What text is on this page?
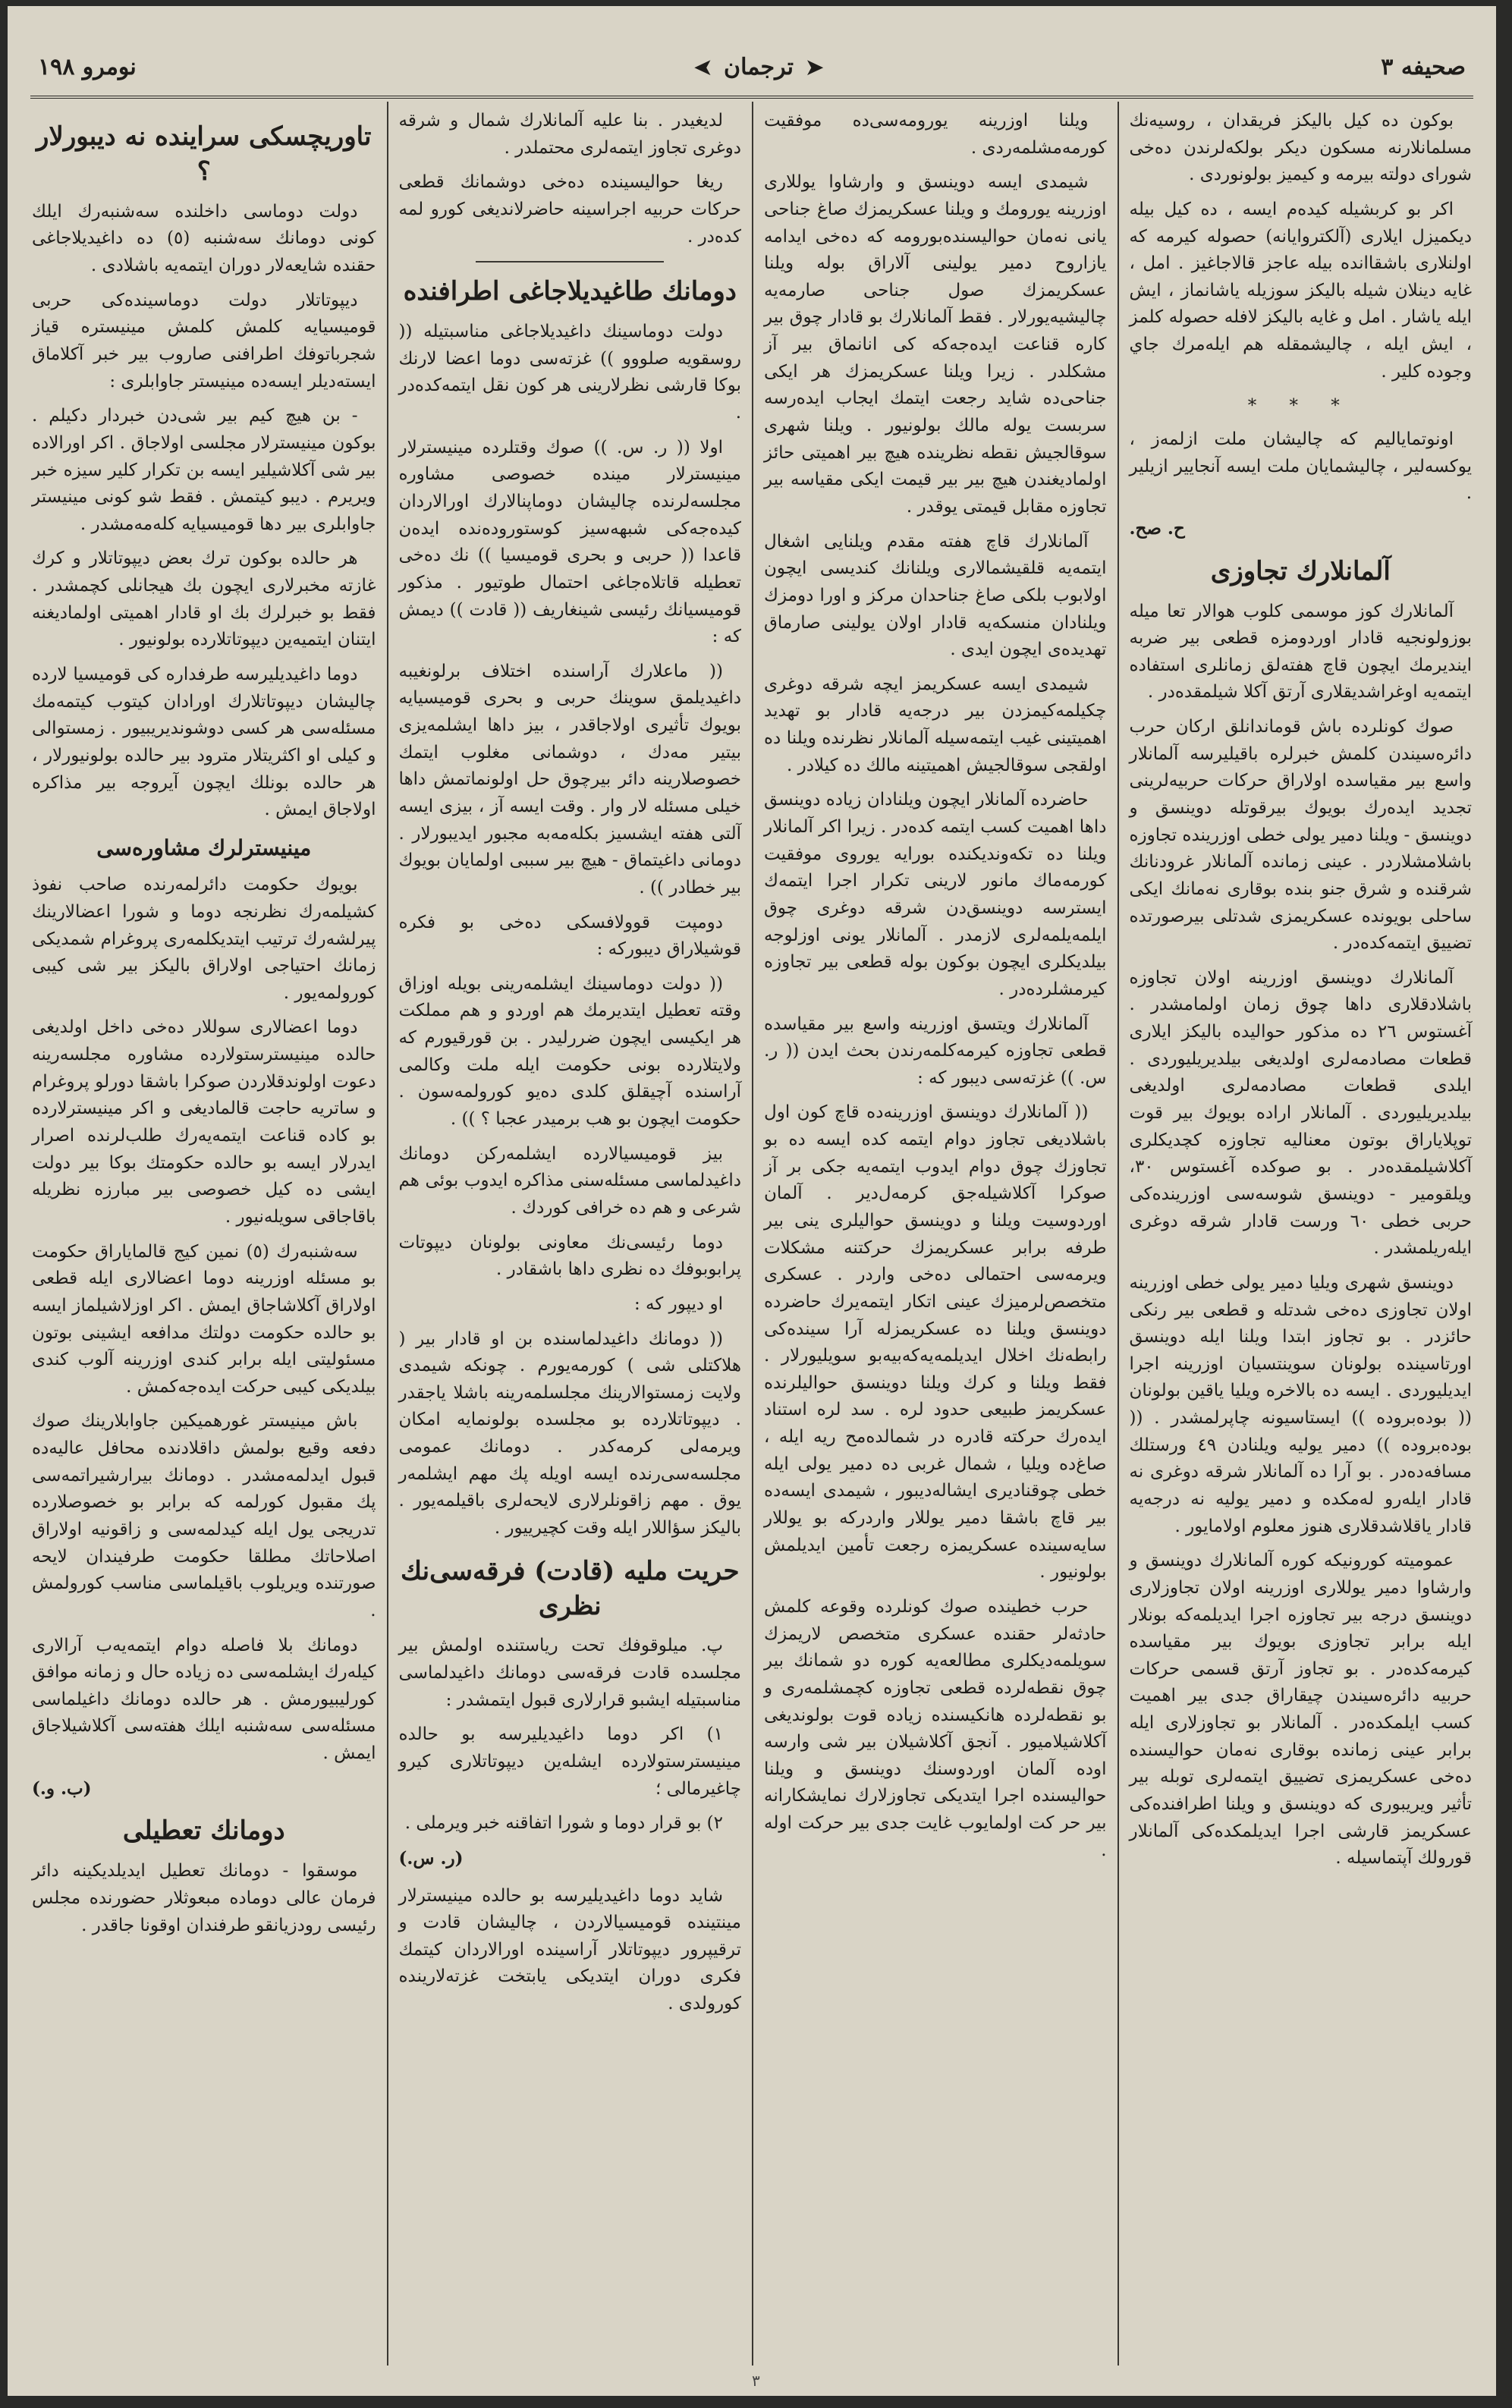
صحیفه ٣
➤
ترجمان
➤
نومرو ١٩٨

بوكون ده كیل بالیكز فریقدان ، روسیه‌نك مسلمانلارنه مسكون دیكر بولكه‌لرندن ده‌خی شورای دولته بیرمه و کیمیز بولونوردی .

اکر بو کربشیله کیده‌م ایسه ، ده کیل بیله دیکمیزل ایلاری (آلکتروایانه) حصوله کیرمه که اولنلاری باشقاانده بیله عاجز قالاجاغیز . امل ، غایه دینلان شیله بالیکز سوزیله یاشانماز ، ایش ایله یاشار . امل و غایه بالیکز لافله حصوله کلمز ، ایش ایله ، چالیشمقله هم ایله‌مرك جاي وجوده کلیر .

* * *

اونوتمایالیم که چالیشان ملت ازلمه‌ز ، یوکسه‌لیر ، چالیشمایان ملت ایسه آنجاییر ازیلیر .

ح. صح.
آلمانلارك تجاوزی

آلمانلارك كوز موسمی كلوب هوالار تعا میله بوزولونجیه قادار اوردومزه قطعی بیر ضربه ایندیرمك ایچون قاچ هفته‌لق زمانلری استفاده ایتمه‌یه اوغراشدیقلاری آرتق آكلا شیلمقده‌در .

صوك کونلرده باش قوماندانلق ارکان حرب دائره‌سیندن کلمش خبرلره باقیلیرسه آلمانلار واسع بیر مقیاسده اولاراق حركات حربیه‌لرینی تجدید ایده‌رك بویوك بیرقوتله دوینسق و دوینسق - ویلنا دمیر یولی خطی اوزرینده تجاوزه باشلامشلاردر . عینی زمانده آلمانلار غرودنانك شرقنده و شرق جنو بنده بوقاری نه‌مانك ایکی ساحلی بویونده عسكریمزی شدتلی بیرصورتده تضییق ایتمه‌کده‌در .

آلمانلارك دوینسق اوزرینه اولان تجاوزه باشلاد‌قلاری داها چوق زمان اولمامشدر . آغستوس ٢٦ ده مذکور حوالیده بالیکز ایلاری قطعات مصادمه‌لری اولدیغی بیلدیریلیوردی . ایلدی قطعات مصادمه‌لری اولدیغی بیلدیریلیوردی . آلمانلار اراده بویوك بیر قوت توپلایاراق بوتون معنالیه تجاوزه کچدیکلری آکلاشیلمقده‌در . بو صوکده آغستوس ٣٠، ویلقومیر - دوینسق شوسه‌سی اوزرینده‌کی حربی خطی ٦٠ ورست قادار شرقه دوغری ایله‌ریلمشدر .

دوینسق شهری ویلیا دمیر یولی خطی اوزرینه اولان تجاوزی ده‌خی شدتله و قطعی بیر رنکی حائزدر . بو تجاوز ابتدا ویلنا ایله دوینسق اورتاسینده بولونان سوینتسیان اوزرینه اجرا ایدیلیوردی . ایسه ده بالاخره ویلیا یاقین بولونان (( بوده‌بروده )) ایستاسیونه چاپرلمشدر . (( بوده‌بروده )) دمیر یولیه ویلنادن ٤٩ ورستلك مسافه‌ده‌در . بو آرا ده آلمانلار شرقه دوغری نه قادار ایله‌رو له‌مکده و دمیر یولیه نه درجه‌یه قادار یاقلاشدقلاری هنوز معلوم اولامایور .

عمومیته کورونیکه کوره آلمانلارك دوینسق و وارشاوا دمیر یوللاری اوزرینه اولان تجاوزلاری دوینسق درجه بیر تجاوزه اجرا ایدیلمه‌که بونلار ایله برابر تجاوزی بویوك بیر مقیاسده کیرمه‌کده‌در . بو تجاوز آرتق قسمی حركات حربیه دائره‌سیندن چیقاراق جدی بیر اهمیت کسب ایلمکده‌در . آلمانلار بو تجاوزلاری ایله برابر عینی زمانده بوقاری نه‌مان حوالیسنده ده‌خی عسكریمزی تضییق ایتمه‌لری توبله بیر تأثیر ویریبوری که دوینسق و ویلنا اطرافنده‌کی عسكریمز قارشی اجرا ایدیلمکده‌کی آلمانلار قورولك آپتماسیله .

ویلنا اوزرینه یورومه‌سی‌ده موفقیت کورمه‌مشلمه‌ردی .

شیمدی ایسه دوینسق و وارشاوا یوللاری اوزرینه یورومك و ویلنا عسكریمزك صاغ جناحی یانی نه‌مان حوالیسنده‌بورومه که ده‌خی ایدامه یازاروح دمیر یولینی آلاراق بوله ویلنا عسكریمزك صول جناحی صارمه‌یه چالیشیه‌یورلار . فقط آلمانلارك بو قادار چوق بیر کاره قناعت ایده‌جه‌که کی انانماق بیر آز مشکلدر . زیرا ویلنا عسكریمزك هر ایکی جناحی‌ده شاید رجعت ایتمك ایجاب ایده‌رسه سربست یوله مالك بولونیور . ویلنا شهری سوقالجیش نقطه نظرینده هیچ بیر اهمیتی حائز اولمادیغندن هیچ بیر بیر قیمت ایکی مقیاسه بیر تجاوزه مقابل قیمتی یوقدر .

آلمانلارك قاچ هفته مقدم ویلنایی اشغال ایتمه‌یه قلقیشمالاری ویلنانك کندیسی ایچون اولابوب بلکی صاغ جناحدان مرکز و اورا دومزك ویلنادان منسکه‌یه قادار اولان یولینی صارماق تهدید‌ه‌ی ایچون ایدی .

شیمدی ایسه عسكریمز ایچه شرقه دوغری چکیلمه‌کیمزدن بیر درجه‌یه قادار بو تهدید اهمیتینی غیب ایتمه‌سیله آلمانلار نظرنده ویلنا ده اولقجی سوقالجیش اهمیتینه مالك ده کیلادر .

حاضرده آلمانلار ایچون ویلنادان زیاده دوینسق داها اهمیت کسب ایتمه کده‌در . زیرا اکر آلمانلار ویلنا ده تکه‌وندیکنده بورایه یوروی موفقیت کورمه‌ماك مانور لارینی تکرار اجرا ایتمه‌ك ایسترسه دوینسق‌دن شرقه دوغری چوق ایلمه‌یلمه‌لری لازمدر . آلمانلار یونی اوزلوجه بیلدیکلری ایچون بوکون بوله قطعی بیر تجاوزه کیرمشلرده‌در .

آلمانلارك ویتسق اوزرینه واسع بیر مقیاسده قطعی تجاوزه کیرمه‌کلمه‌رندن بحث ایدن (( ر. س. )) غزته‌سی دیبور که :

(( آلمانلارك دوینسق اوزرینه‌ده قاچ کون اول باشلادیغی تجاوز دوام ایتمه کده ایسه ده بو تجاوزك چوق دوام ایدوب ایتمه‌یه جکی بر آز صوکرا آکلاشیله‌جق کرمه‌ل‌دیر . آلمان اوردوسیت ویلنا و دوینسق حوالیلری ینی بیر طرفه برابر عسكریمزك حرکتنه مشکلات ویرمه‌سی احتمالی ده‌خی واردر . عسکری متخصص‌لرمیزك عینی اتکار ایتمه‌یرك حاضرده دوینسق ویلنا ده عسكریمزله آرا سینده‌کی رابطه‌نك اخلال ایدیلمه‌یه‌که‌بیه‌بو سویلیورلار . فقط ویلنا و کرك ویلنا دوینسق حوالیلرنده عسكریمز طبیعی حدود لره . سد لره استناد ایده‌رك حرکته قادره در شمالده‌مح ریه ایله ، صاغ‌ده‌ ویلیا ، شمال غربی ده دمیر یولی ایله خطی چوقنادیری ایشاله‌دیبور ، شیمدی ایسه‌ده بیر قاچ باشقا دمیر یوللار واردركه بو یوللار سایه‌سینده عسكریمزه رجعت تأمین ایدیلمش بولونیور .

حرب خطینده صوك کونلرده وقوعه کلمش حادثه‌لر حقنده عسکری متخصص‌ لاریمزك سویلمه‌دیکلری مطالعه‌یه کوره دو شمانك بیر چوق نقطه‌لرده قطعی تجاوزه کچمشلمه‌ری و بو نقطه‌لرده هانکیسنده زیاده قوت بولوندیغی آکلاشیلامیور . آنجق آکلاشیلان بیر شی وارسه اوده آلمان اوردوسنك دوینسق و ویلنا حوالیسنده اجرا ایتدیکی تجاوزلارك نمایشکارانه بیر حر کت اولمایوب غایت جدی بیر حرکت اوله .

لدیغیدر . بنا علیه آلمانلارك شمال و شرقه دوغری تجاوز ایتمه‌لری محتملدر .

ریغا حوالیسینده ده‌خی دوشمانك قطعی حرکات حربیه اجراسینه حاضرلاندیغی کورو لمه کده‌در .

دومانك طاغیدیلاجاغی اطرافنده

دولت دوماسینك داغیدیلاجاغی مناسبتیله (( روسقویه صلووو )) غزته‌سی دوما اعضا لارنك بوكا قارشی نظرلارینی هر کون نقل ایتمه‌کده‌در .

اولا (( ر. س. )) صوك وقتلرده مینیسترلار مینیسترلار مینده خصوصی مشاوره مجلسه‌لرنده چالیشان دوماپنالارك اورالاردان کیده‌جه‌كی شبهه‌سیز کوستوروده‌نده ایده‌ن قاعدا (( حربی و بحری قومیسیا )) نك ده‌خی تعطیله قاتلاه‌جاغی احتمال طوتیور . مذکور قومیسیانك رئیسی شینغاریف (( قادت )) دیمش که :

(( ماعلارك آراسنده اختلاف برلونغیبه‌ داغیدیلمق سوینك حربی و بحری قومیسیایه بویوك تأثیری اولاجاقدر ، بیز داها ایشلمه‌یزی بیتیر مه‌دك ، دوشمانی مغلوب ایتمك خصوصلارینه دائر بیرچوق حل اولونماتمش داها خیلی مسئله لار وار . وقت ایسه آز ، بیزی ایسه آلتی هفته ایشسیز بکله‌مه‌به مجبور ایدیبورلار . دومانی داغیتماق - هیچ بیر سببی اولمایان بویوك بیر خطادر )) .

دومپت قوولافسكی ده‌خی بو فكره قوشیلاراق دیبورکه :

(( دولت دوماسینك ایشلمه‌رینی بویله اوزاق وقته تعطیل ایتدیرمك هم اوردو و هم مملكت هر ایکیسی ایچون ضررلیدر . بن قورقیورم که ولایتلارده بونی حكومت ایله ملت وكالمی آراسنده آچیقلق کلدی ده‌یو کورولمه‌سون . حكومت ایچون بو هب برمیدر عجبا ؟ )) .

بیز قومیسیالارده ایشلمه‌رکن دومانك داغیدلماسی مسئله‌سنی مذاکره ایدوب بوئی هم شرعی و هم ده خرافی کوردك .

دوما رئیسی‌نك معاونی بولونان دیپوتات پرابوبوفك ده نظری داها باشقادر .

او دیپور که :

(( دومانك داغیدلماسنده بن او قادار بیر ( هلاکتلی شی ) کورمه‌یورم . چونکه شیمدی ولایت زمستوالارینك مجلسلمه‌رینه باشلا یاجقدر . دیپوتاتلارده بو مجلسده بولونمایه امکان ویرمه‌لی کرمه‌کدر . دومانك عمومی مجلسه‌سی‌رنده ایسه اویله پك مهم ایشلمه‌ر یوق . مهم زاقونلرلاری لایحه‌لری باقیلمه‌یور . بالیکز سؤاللار ایله وقت کچیرییور .

حریت ملیه (قادت) فرقه‌سی‌نك نظری

پ. میلوقوفك تحت ریاستنده اولمش بیر مجلسده قادت فرقه‌سی دومانك داغیدلماسی مناسبتیله ایشبو قرارلاری قبول ایتمشدر :

١) اکر دوما داغیدیلیرسه بو حالده مینیسترستولارده ایشله‌ین دیپوتاتلاری کیرو چاغیرمالی ؛

٢) بو قرار دوما و شورا اتفاقنه خبر ویرملی .

(ر. س.)

شاید دوما داغیدیلیرسه بو حالده مینیسترلار مینتینده قومیسیالاردن ، چالیشان قادت و ترقیپرور دیپوتاتلار آراسینده اورالاردان کیتمك فكری دوران ایتدیکی یابتخت غزته‌لارینده کورولدی .

تاوریچسكی سراینده نه دیبورلار ؟

دولت دوماسی داخلنده سه‌شنبه‌رك ایلك کونی دومانك سه‌شنبه (٥) ده داغیدیلاجاغی حقنده شایعه‌لار دوران ایتمه‌یه باشلادی .

دیپوتاتلار دولت دوماسینده‌کی حربی قومیسیایه کلمش کلمش مینیستره قیاز شجرباتوفك اطرافنی صاروب بیر خبر آکلاماق ایسته‌دیلر ایسه‌ده مینیستر جاوابلری :

- بن هیچ کیم بیر شی‌دن خبردار دکیلم . بوکون مینیسترلار مجلسی اولاجاق . اکر اورالاده بیر شی آکلاشیلیر ایسه بن تکرار کلیر سیزه خبر ویریرم . دیبو کیتمش . فقط شو کونی مینیستر جاوابلری بیر دها قومیسیایه کله‌مه‌مشدر .

هر حالده بوکون ترك بعض دیپوتاتلار و کرك غازته مخبرلاری ایچون بك هیجانلی کچمشدر . فقط بو خبرلرك بك او قادار اهمیتی اولمادیغنه ایتنان ایتمیه‌ین دیپوتاتلارده بولونیور .

دوما داغیدیلیرسه طرفداره کی قومیسیا لارده چالیشان دیپوتاتلارك اورادان کیتوب کیتمه‌مك مسئله‌سی هر کسی دوشوندیریبیور . زمستوالی و کیلی او اکثریتلار مترود بیر حالده بولونیورلار ، هر حالده بونلك ایچون آیروجه بیر مذاکره اولاجاق ایمش .

مینیسترلرك مشاوره‌سی

بویوك حكومت دائرلمه‌رنده صاحب نفوذ کشیلمه‌رك نظرنجه دوما و شورا اعضالارینك پیرلشه‌رك ترتیب ایتدیکلمه‌ری پروغرام شمدیکی زمانك احتیاجی اولاراق بالیکز بیر شی کیبی کورولمه‌یور .

دوما اعضالاری سوللار ده‌خی داخل اولدیغی حالده مینیسترستولارده مشاوره مجلسه‌رینه دعوت اولوندقلاردن صوکرا باشقا دورلو پروغرام و ساتریه حاجت قالمادیغی و اکر مینیسترلارده بو کاده قناعت ایتمه‌یه‌رك طلب‌لرنده اصرار ایدرلار ایسه بو حالده حكومتك بوكا بیر دولت ایشی ده کیل خصوصی بیر مبارزه نظریله باقاجاقی سویله‌نیور .

سه‌شنبه‌رك (٥) نمین کیج قالمایاراق حكومت بو مسئله اوزرینه دوما اعضالاری ایله قطعی اولاراق آکلاشاجاق ایمش . اکر اوزلاشیلماز ایسه بو حالده حكومت دولتك مدافعه ایشینی بوتون مسئولیتی ایله برابر کندی اوزرینه آلوب کندی بیلدیکی کیبی حرکت ایده‌جه‌کمش .

باش مینیستر غورهمیکین جاوابلارینك صوك دفعه وقیع بولمش داقلادنده محافل عالیه‌ده قبول ایدلمه‌مشدر . دومانك بیرارشیراتمه‌سی پك مقبول کورلمه که برابر بو خصوصلارده تدریجی یول ایله کیدلمه‌سی و زاقونیه اولاراق اصلاحاتك مطلقا حكومت طرفیندان لایحه صورتنده ویریلوب باقیلماسی مناسب کورولمش .

دومانك بلا فاصله دوام ایتمه‌یه‌ب آرالاری کیله‌رك ایشلمه‌سی ده زیاده حال و زمانه موافق کورلیبیورمش . هر حالده دومانك داغیلماسی مسئله‌سی سه‌شنبه ایلك هفته‌سی آکلاشیلاجاق ایمش .

(ب. و.)
دومانك تعطیلی

موسقوا - دومانك تعطیل ایدیلدیکینه دائر فرمان عالی دوماده مبعوثلار حضورنده مجلس رئیسی رودزیانقو طرفندان اوقونا جاقدر .

٣
